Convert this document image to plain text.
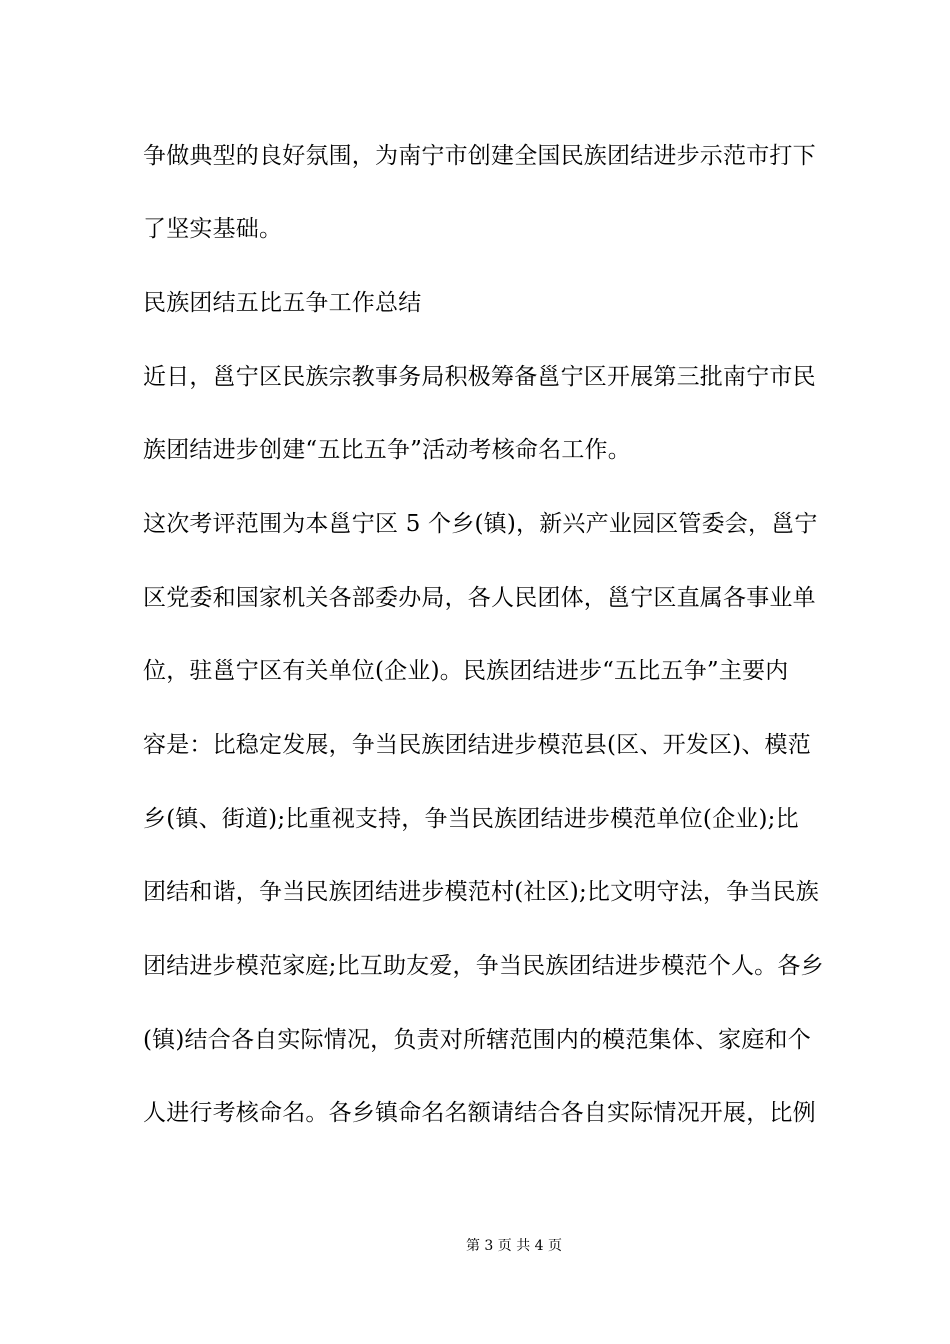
争做典型的良好氛围，为南宁市创建全国民族团结进步示范市打下
了坚实基础。
民族团结五比五争工作总结
近日，邕宁区民族宗教事务局积极筹备邕宁区开展第三批南宁市民
族团结进步创建“五比五争”活动考核命名工作。
这次考评范围为本邕宁区 5 个乡(镇)，新兴产业园区管委会，邕宁
区党委和国家机关各部委办局，各人民团体，邕宁区直属各事业单
位，驻邕宁区有关单位(企业)。民族团结进步“五比五争”主要内
容是：比稳定发展，争当民族团结进步模范县(区、开发区)、模范
乡(镇、街道);比重视支持，争当民族团结进步模范单位(企业);比
团结和谐，争当民族团结进步模范村(社区);比文明守法，争当民族
团结进步模范家庭;比互助友爱，争当民族团结进步模范个人。各乡
(镇)结合各自实际情况，负责对所辖范围内的模范集体、家庭和个
人进行考核命名。各乡镇命名名额请结合各自实际情况开展，比例
第 3 页 共 4 页
